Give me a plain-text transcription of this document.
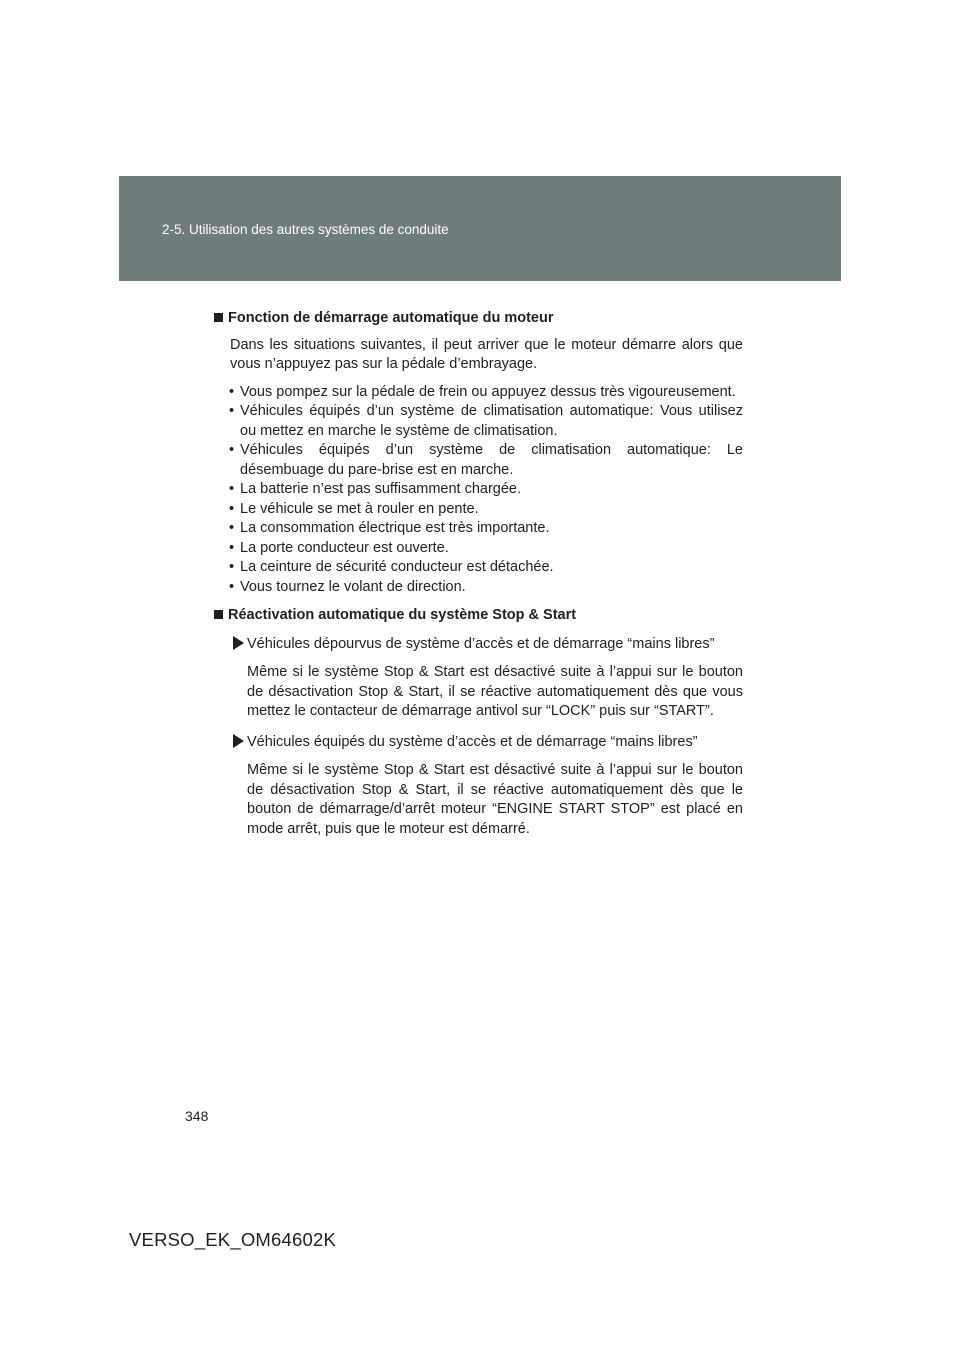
2-5. Utilisation des autres systèmes de conduite
Fonction de démarrage automatique du moteur
Dans les situations suivantes, il peut arriver que le moteur démarre alors que vous n’appuyez pas sur la pédale d’embrayage.
• Vous pompez sur la pédale de frein ou appuyez dessus très vigoureusement.
• Véhicules équipés d’un système de climatisation automatique: Vous utilisez ou mettez en marche le système de climatisation.
• Véhicules équipés d’un système de climatisation automatique: Le désembuage du pare-brise est en marche.
• La batterie n’est pas suffisamment chargée.
• Le véhicule se met à rouler en pente.
• La consommation électrique est très importante.
• La porte conducteur est ouverte.
• La ceinture de sécurité conducteur est détachée.
• Vous tournez le volant de direction.
Réactivation automatique du système Stop & Start
Véhicules dépourvus de système d’accès et de démarrage “mains libres”
Même si le système Stop & Start est désactivé suite à l’appui sur le bouton de désactivation Stop & Start, il se réactive automatiquement dès que vous mettez le contacteur de démarrage antivol sur “LOCK” puis sur “START”.
Véhicules équipés du système d’accès et de démarrage “mains libres”
Même si le système Stop & Start est désactivé suite à l’appui sur le bouton de désactivation Stop & Start, il se réactive automatiquement dès que le bouton de démarrage/d’arrêt moteur “ENGINE START STOP” est placé en mode arrêt, puis que le moteur est démarré.
348
VERSO_EK_OM64602K
